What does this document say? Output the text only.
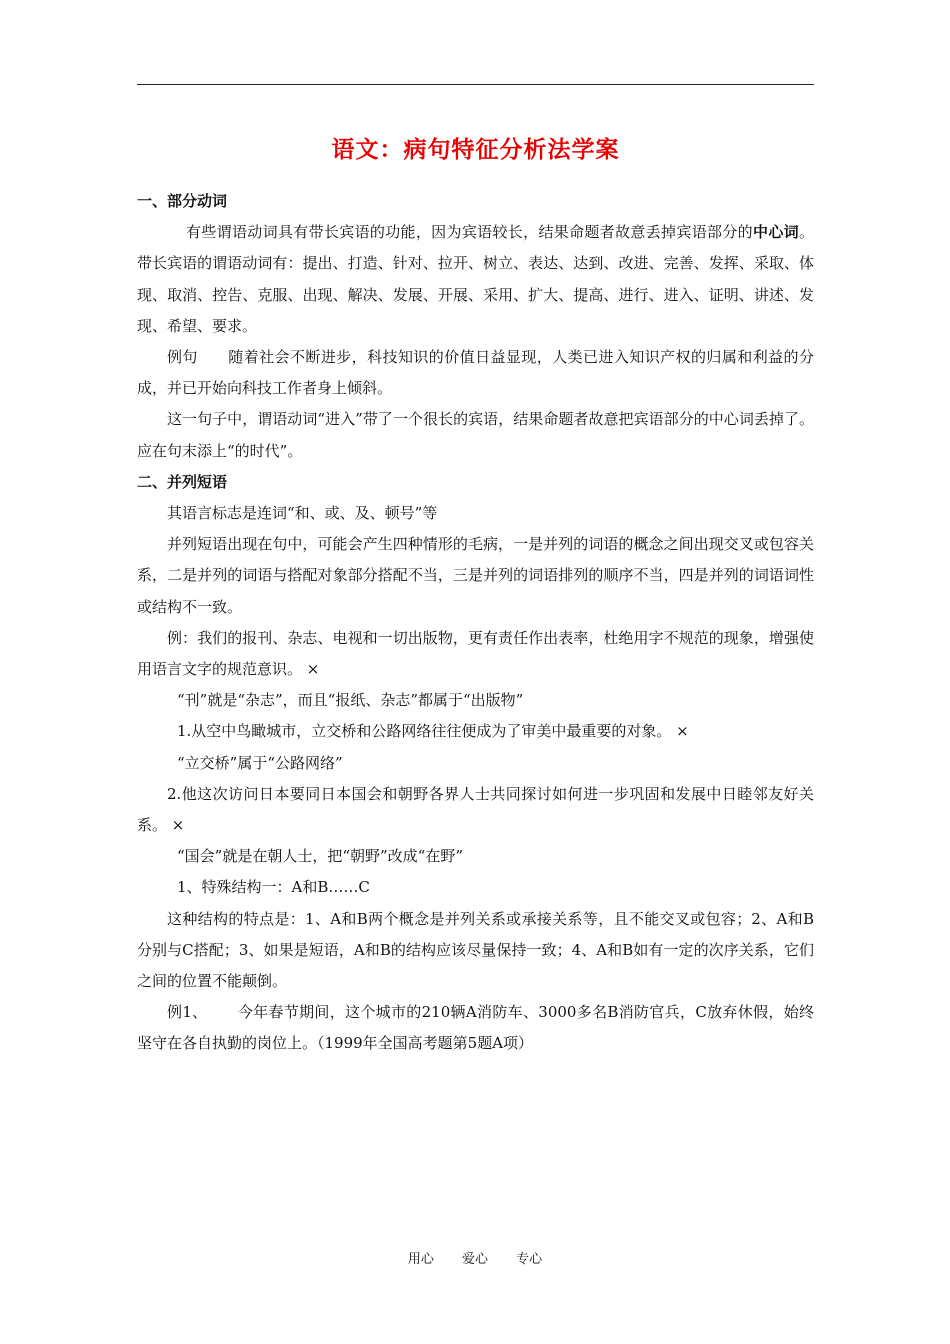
语文：病句特征分析法学案

一、部分动词

有些谓语动词具有带长宾语的功能，因为宾语较长，结果命题者故意丢掉宾语部分的中心词。带长宾语的谓语动词有：提出、打造、针对、拉开、树立、表达、达到、改进、完善、发挥、采取、体现、取消、控告、克服、出现、解决、发展、开展、采用、扩大、提高、进行、进入、证明、讲述、发现、希望、要求。

例句 随着社会不断进步，科技知识的价值日益显现，人类已进入知识产权的归属和利益的分成，并已开始向科技工作者身上倾斜。

这一句子中，谓语动词“进入”带了一个很长的宾语，结果命题者故意把宾语部分的中心词丢掉了。应在句末添上“的时代”。

二、并列短语

其语言标志是连词“和、或、及、顿号”等

并列短语出现在句中，可能会产生四种情形的毛病，一是并列的词语的概念之间出现交叉或包容关系，二是并列的词语与搭配对象部分搭配不当，三是并列的词语排列的顺序不当，四是并列的词语词性或结构不一致。

例：我们的报刊、杂志、电视和一切出版物，更有责任作出表率，杜绝用字不规范的现象，增强使用语言文字的规范意识。 ×

“刊”就是“杂志”，而且“报纸、杂志”都属于“出版物”

1.从空中鸟瞰城市，立交桥和公路网络往往便成为了审美中最重要的对象。 ×

“立交桥”属于“公路网络”

2.他这次访问日本要同日本国会和朝野各界人士共同探讨如何进一步巩固和发展中日睦邻友好关系。 ×

“国会”就是在朝人士，把“朝野”改成“在野”

1、特殊结构一：A和B……C

这种结构的特点是：1、A和B两个概念是并列关系或承接关系等，且不能交叉或包容；2、A和B分别与C搭配；3、如果是短语，A和B的结构应该尽量保持一致；4、A和B如有一定的次序关系，它们之间的位置不能颠倒。

例1、 今年春节期间，这个城市的210辆A消防车、3000多名B消防官兵，C放弃休假，始终坚守在各自执勤的岗位上。（1999年全国高考题第5题A项）

用心 爱心 专心
